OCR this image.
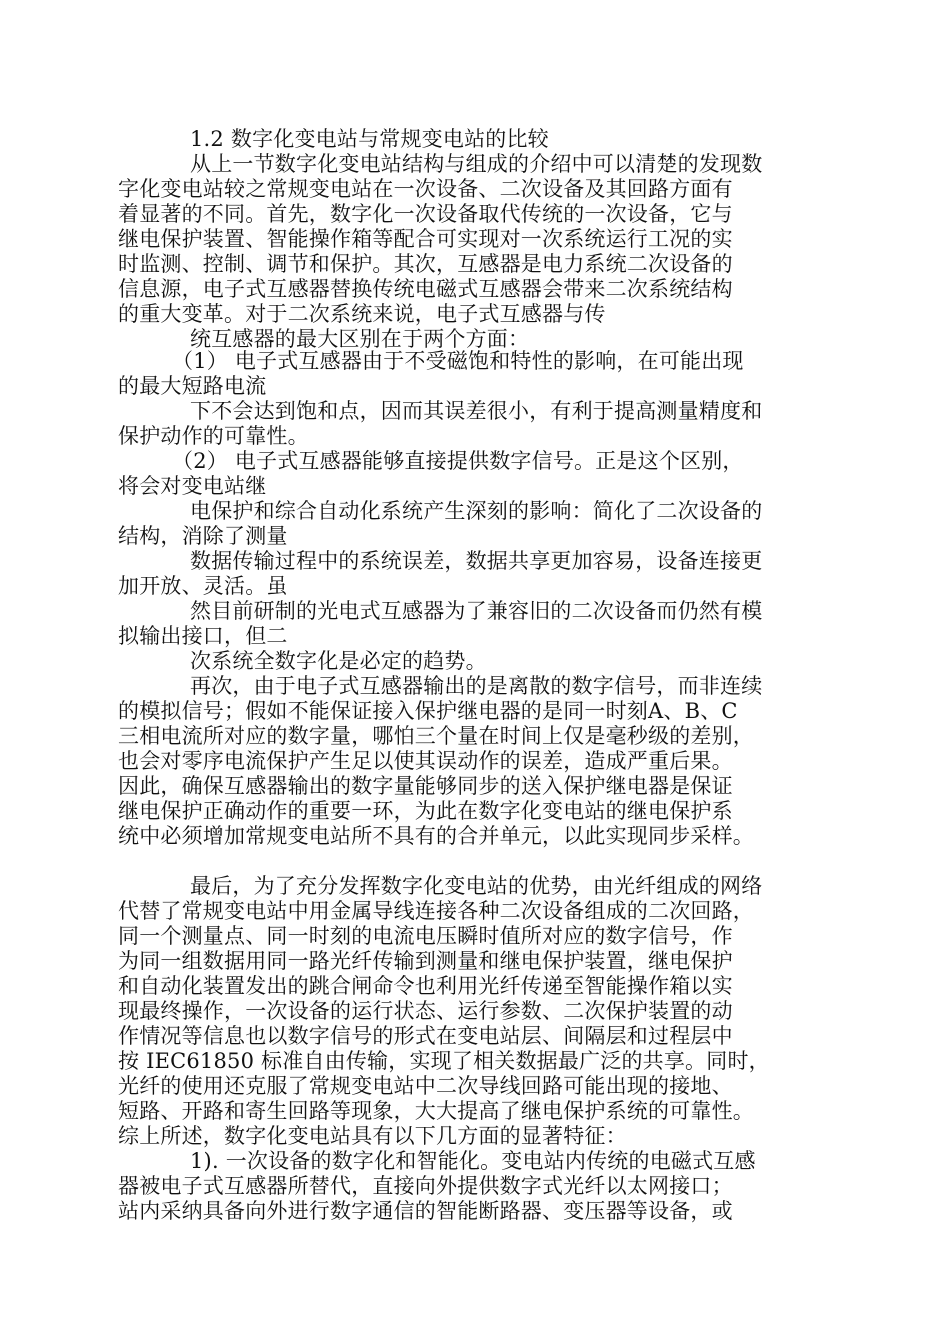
1.2 数字化变电站与常规变电站的比较
从上一节数字化变电站结构与组成的介绍中可以清楚的发现数
字化变电站较之常规变电站在一次设备、二次设备及其回路方面有
着显著的不同。首先，数字化一次设备取代传统的一次设备，它与
继电保护装置、智能操作箱等配合可实现对一次系统运行工况的实
时监测、控制、调节和保护。其次，互感器是电力系统二次设备的
信息源，电子式互感器替换传统电磁式互感器会带来二次系统结构
的重大变革。对于二次系统来说，电子式互感器与传
统互感器的最大区别在于两个方面：
（1） 电子式互感器由于不受磁饱和特性的影响，在可能出现
的最大短路电流
下不会达到饱和点，因而其误差很小，有利于提高测量精度和
保护动作的可靠性。
（2） 电子式互感器能够直接提供数字信号。正是这个区别，
将会对变电站继
电保护和综合自动化系统产生深刻的影响：简化了二次设备的
结构，消除了测量
数据传输过程中的系统误差，数据共享更加容易，设备连接更
加开放、灵活。虽
然目前研制的光电式互感器为了兼容旧的二次设备而仍然有模
拟输出接口，但二
次系统全数字化是必定的趋势。
再次，由于电子式互感器输出的是离散的数字信号，而非连续
的模拟信号；假如不能保证接入保护继电器的是同一时刻A、B、C
三相电流所对应的数字量，哪怕三个量在时间上仅是毫秒级的差别，
也会对零序电流保护产生足以使其误动作的误差，造成严重后果。
因此，确保互感器输出的数字量能够同步的送入保护继电器是保证
继电保护正确动作的重要一环，为此在数字化变电站的继电保护系
统中必须增加常规变电站所不具有的合并单元，以此实现同步采样。
最后，为了充分发挥数字化变电站的优势，由光纤组成的网络
代替了常规变电站中用金属导线连接各种二次设备组成的二次回路，
同一个测量点、同一时刻的电流电压瞬时值所对应的数字信号，作
为同一组数据用同一路光纤传输到测量和继电保护装置，继电保护
和自动化装置发出的跳合闸命令也利用光纤传递至智能操作箱以实
现最终操作，一次设备的运行状态、运行参数、二次保护装置的动
作情况等信息也以数字信号的形式在变电站层、间隔层和过程层中
按 IEC61850 标准自由传输，实现了相关数据最广泛的共享。同时，
光纤的使用还克服了常规变电站中二次导线回路可能出现的接地、
短路、开路和寄生回路等现象，大大提高了继电保护系统的可靠性。
综上所述，数字化变电站具有以下几方面的显著特征：
1). 一次设备的数字化和智能化。变电站内传统的电磁式互感
器被电子式互感器所替代，直接向外提供数字式光纤以太网接口；
站内采纳具备向外进行数字通信的智能断路器、变压器等设备，或
